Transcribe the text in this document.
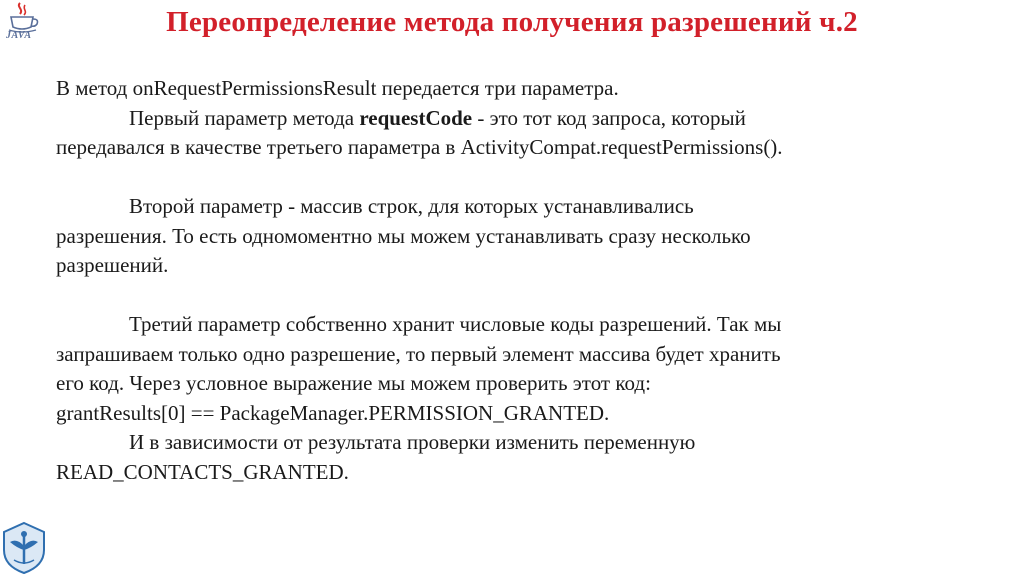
JAVA	Переопределение метода получения разрешений ч.2

В метод onRequestPermissionsResult передается три параметра.

Первый параметр метода requestCode - это тот код запроса, который

передавался в качестве третьего параметра в ActivityCompat.requestPermissions().

Второй параметр - массив строк, для которых устанавливались

разрешения. То есть одномоментно мы можем устанавливать сразу несколько

разрешений.

Третий параметр собственно хранит числовые коды разрешений. Так мы

запрашиваем только одно разрешение, то первый элемент массива будет хранить

его код. Через условное выражение мы можем проверить этот код:

grantResults[0] == PackageManager.PERMISSION_GRANTED.

И в зависимости от результата проверки изменить переменную

READ_CONTACTS_GRANTED.
